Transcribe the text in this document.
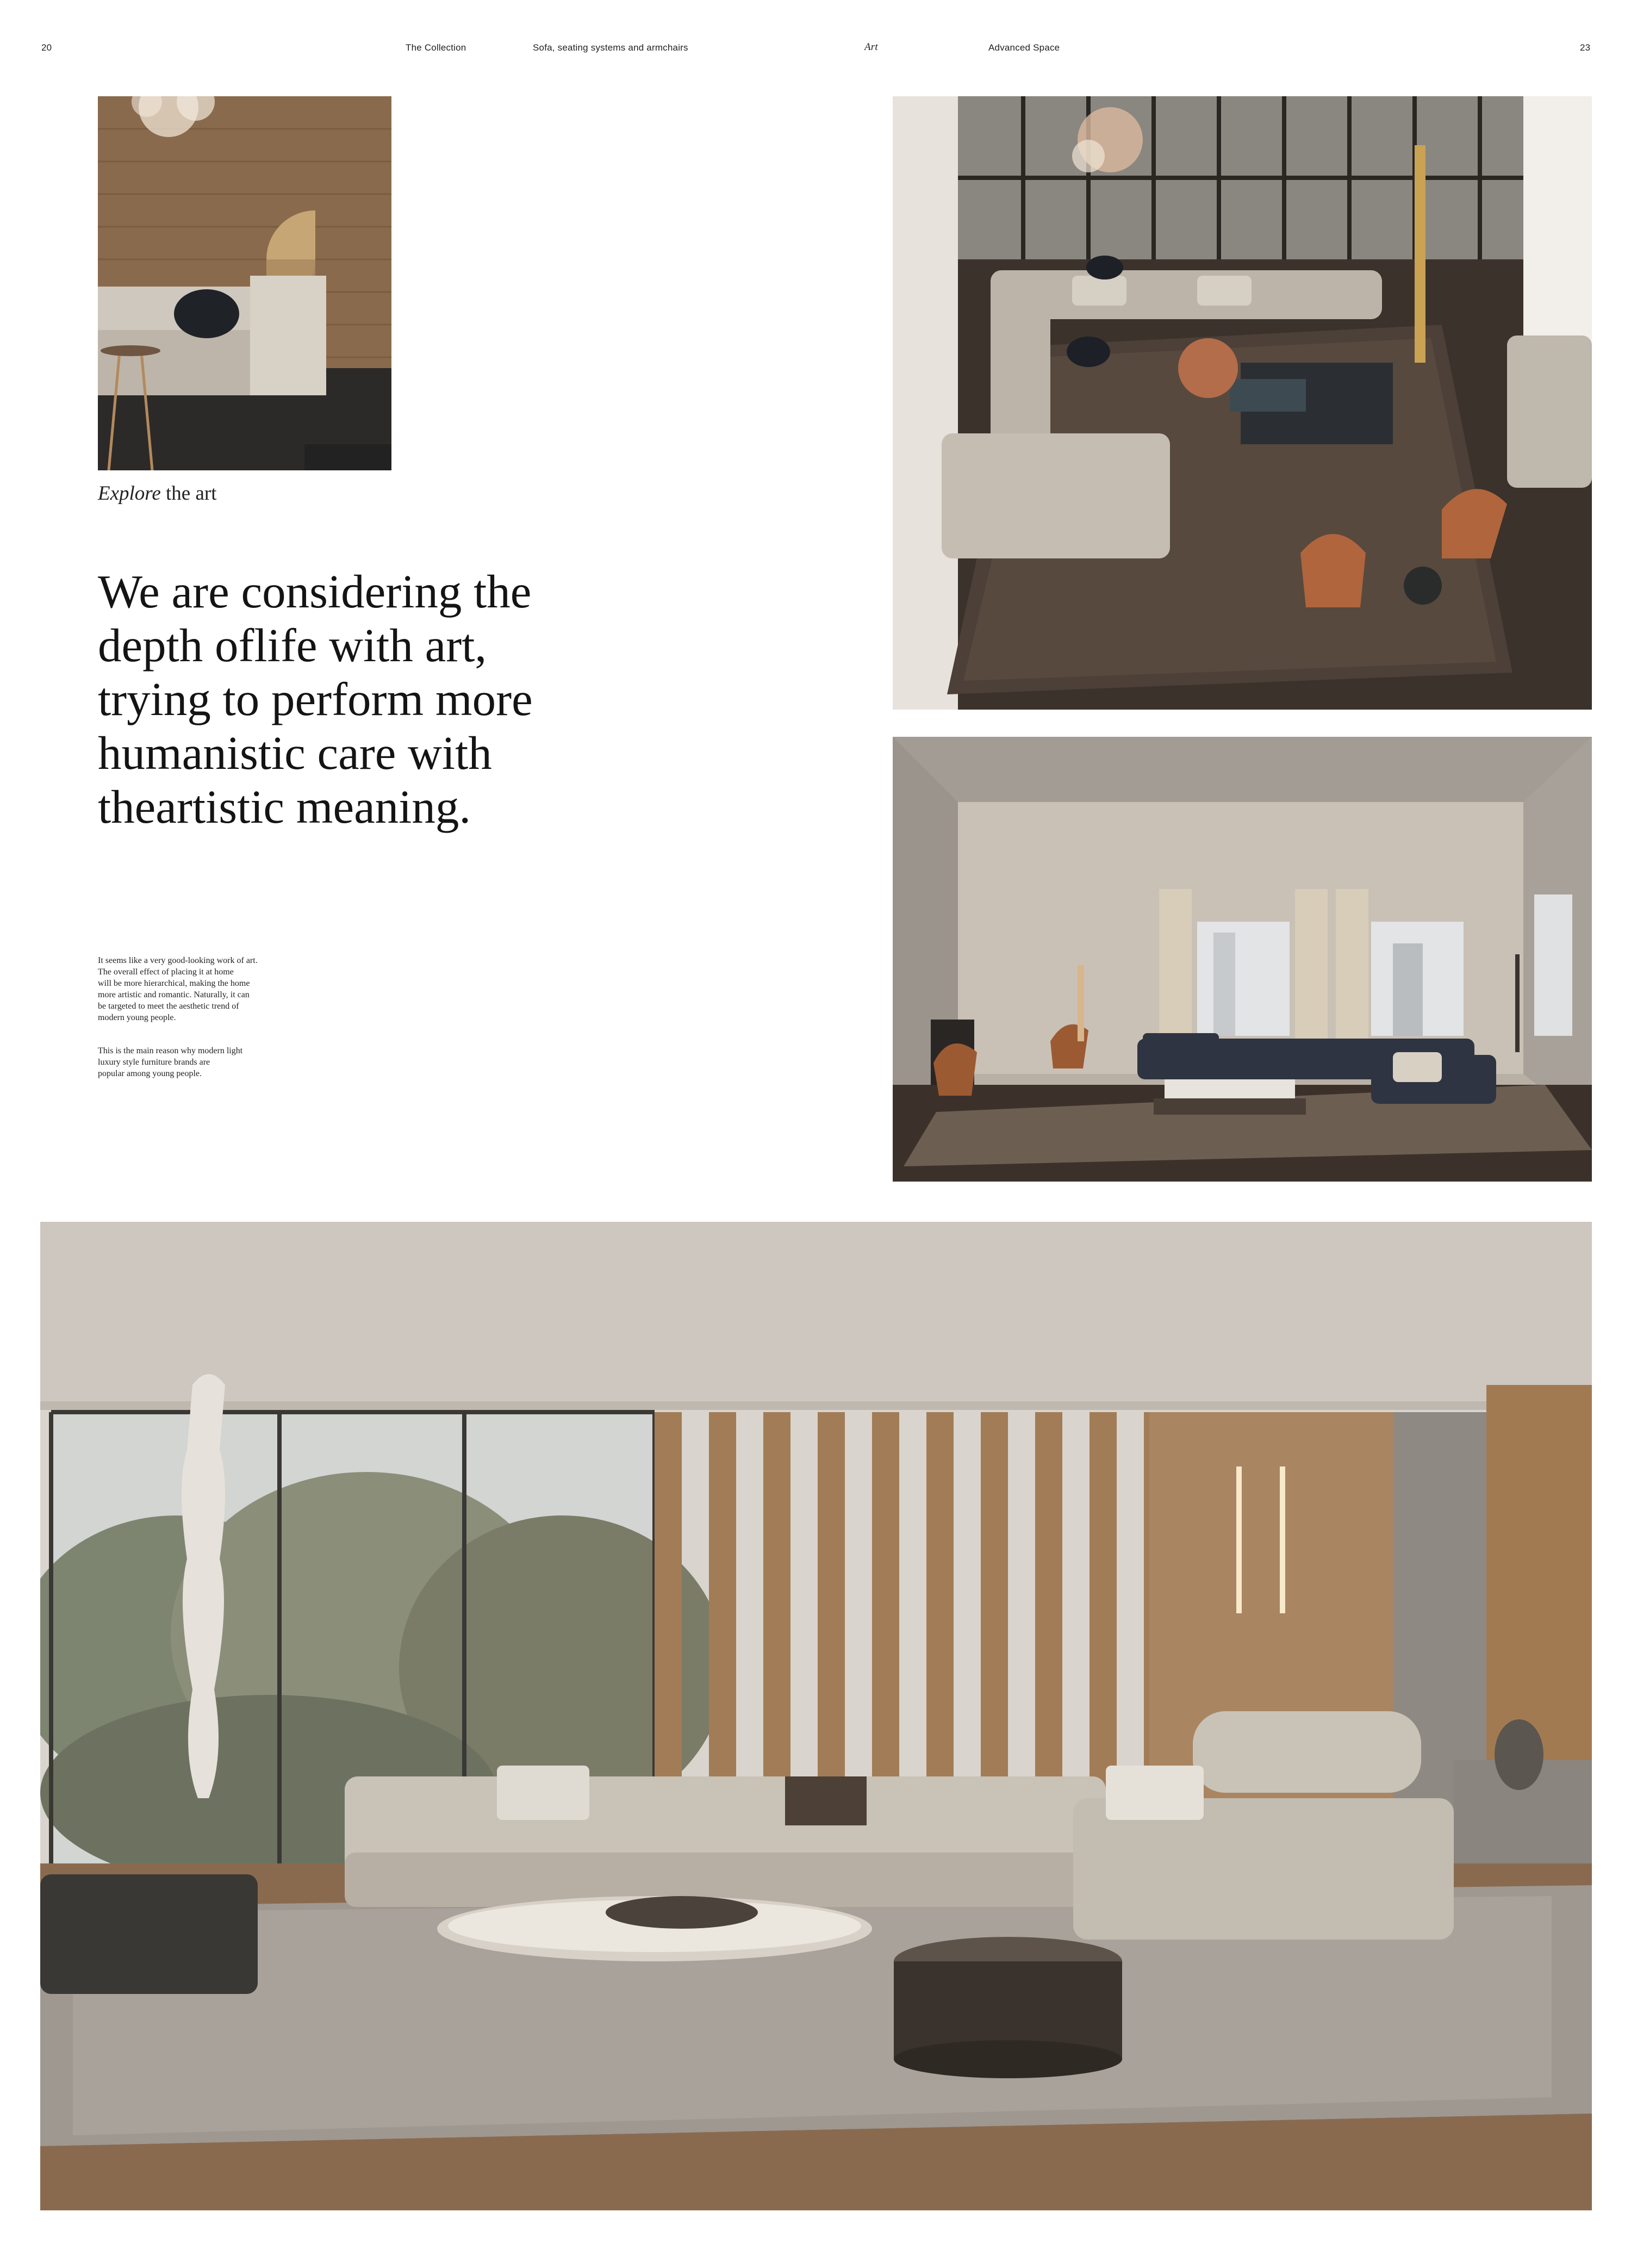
20	The Collection	Sofa, seating systems and armchairs	Art	Advanced Space	23
Explore the art
We are considering the
depth oflife with art,
trying to perform more
humanistic care with
theartistic meaning.
It seems like a very good-looking work of art.
The overall effect of placing it at home
will be more hierarchical, making the home
more artistic and romantic. Naturally, it can
be targeted to meet the aesthetic trend of
modern young people.
This is the main reason why modern light
luxury style furniture brands are
popular among young people.
